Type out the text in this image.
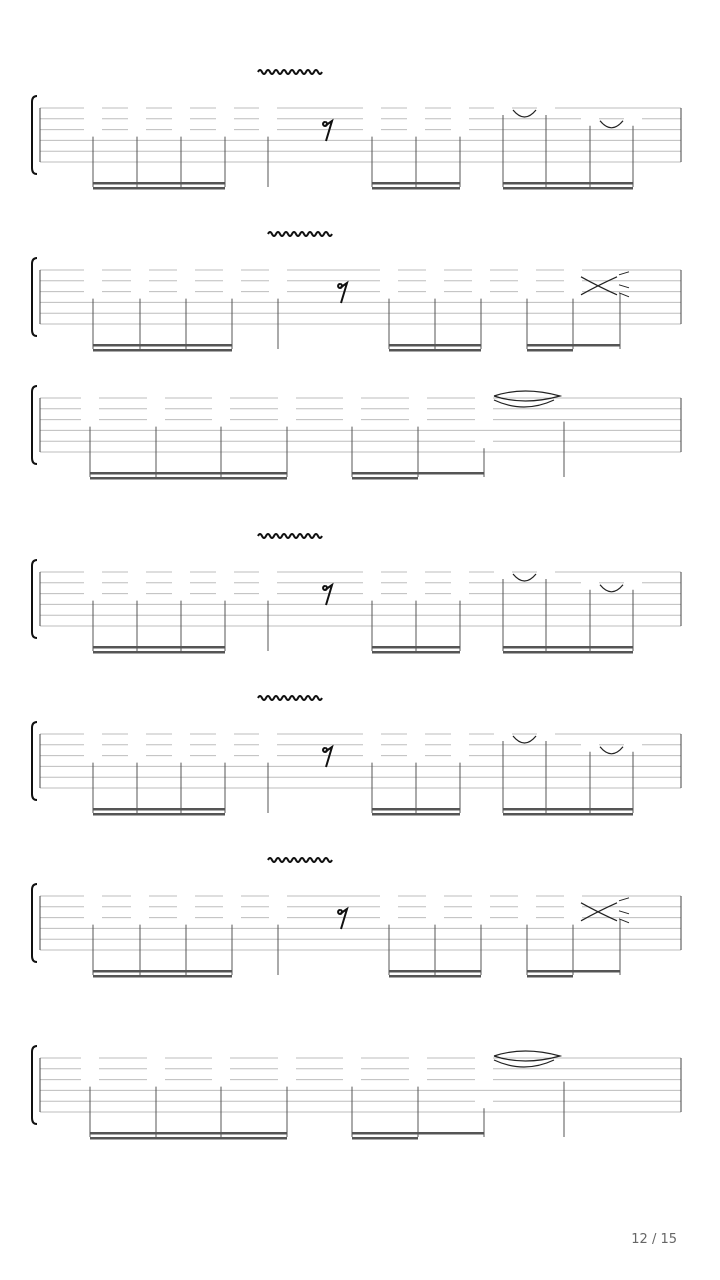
12 / 15
